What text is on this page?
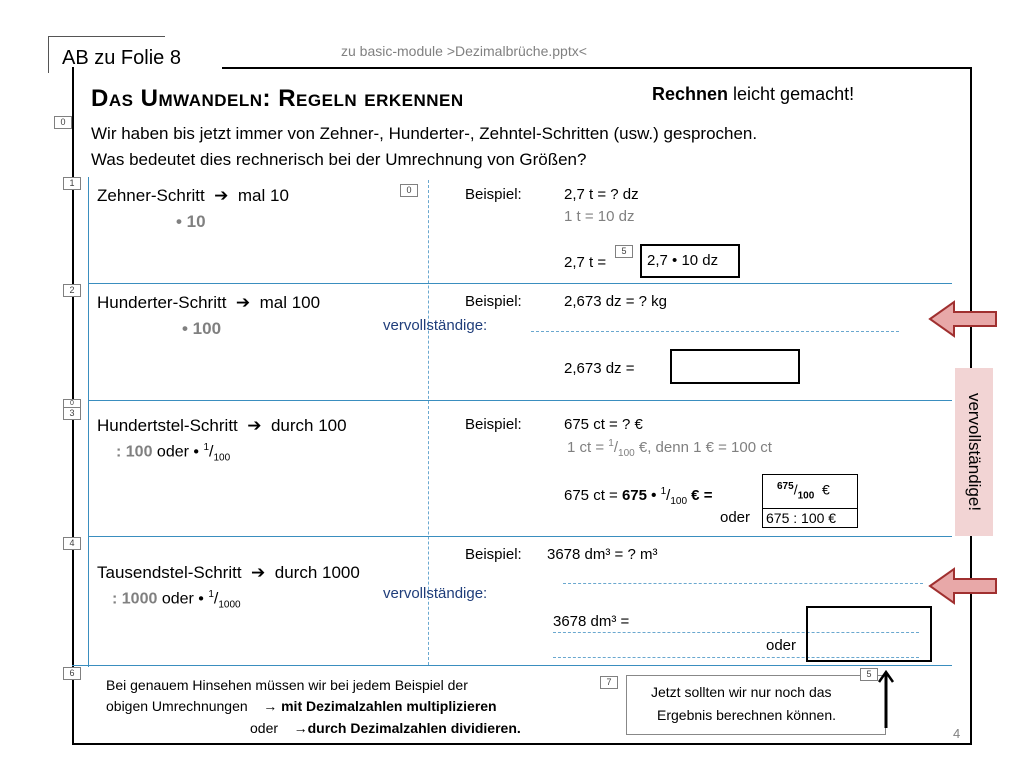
AB zu Folie 8	zu basic-module >Dezimalbrüche.pptx<
Das Umwandeln: Regeln erkennen	Rechnen leicht gemacht!
0
Wir haben bis jetzt immer von Zehner-, Hunderter-, Zehntel-Schritten (usw.) gesprochen.
Was bedeutet dies rechnerisch bei der Umrechnung von Größen?
1
Zehner-Schritt  ➔  mal 10
• 10
0	Beispiel:	2,7 t = ? dz
1 t = 10 dz
2,7 t =
5
2,7 • 10 dz
2
Hunderter-Schritt  ➔  mal 100
• 100	vervollständige:
Beispiel:	2,673 dz = ? kg
2,673 dz =
0
3
Hundertstel-Schritt  ➔  durch 100
: 100 oder • $^1/_{100}$
Beispiel:	675 ct = ? €
1 ct = $^1/_{100}$ €, denn 1 € = 100 ct
675 ct = 675 • $^1/_{100}$ € =
oder
$^{675}/_{100}$ €
675 : 100 €
4
Tausendstel-Schritt  ➔  durch 1000
: 1000 oder • $^1/_{1000}$
vervollständige:
Beispiel: 3678 dm³ = ? m³
3678 dm³ =
oder
vervollständige!
6
Bei genauem Hinsehen müssen wir bei jedem Beispiel der
obigen Umrechnungen → mit Dezimalzahlen multiplizieren
oder →durch Dezimalzahlen dividieren.
7
Jetzt sollten wir nur noch das
Ergebnis berechnen können.
5
4
